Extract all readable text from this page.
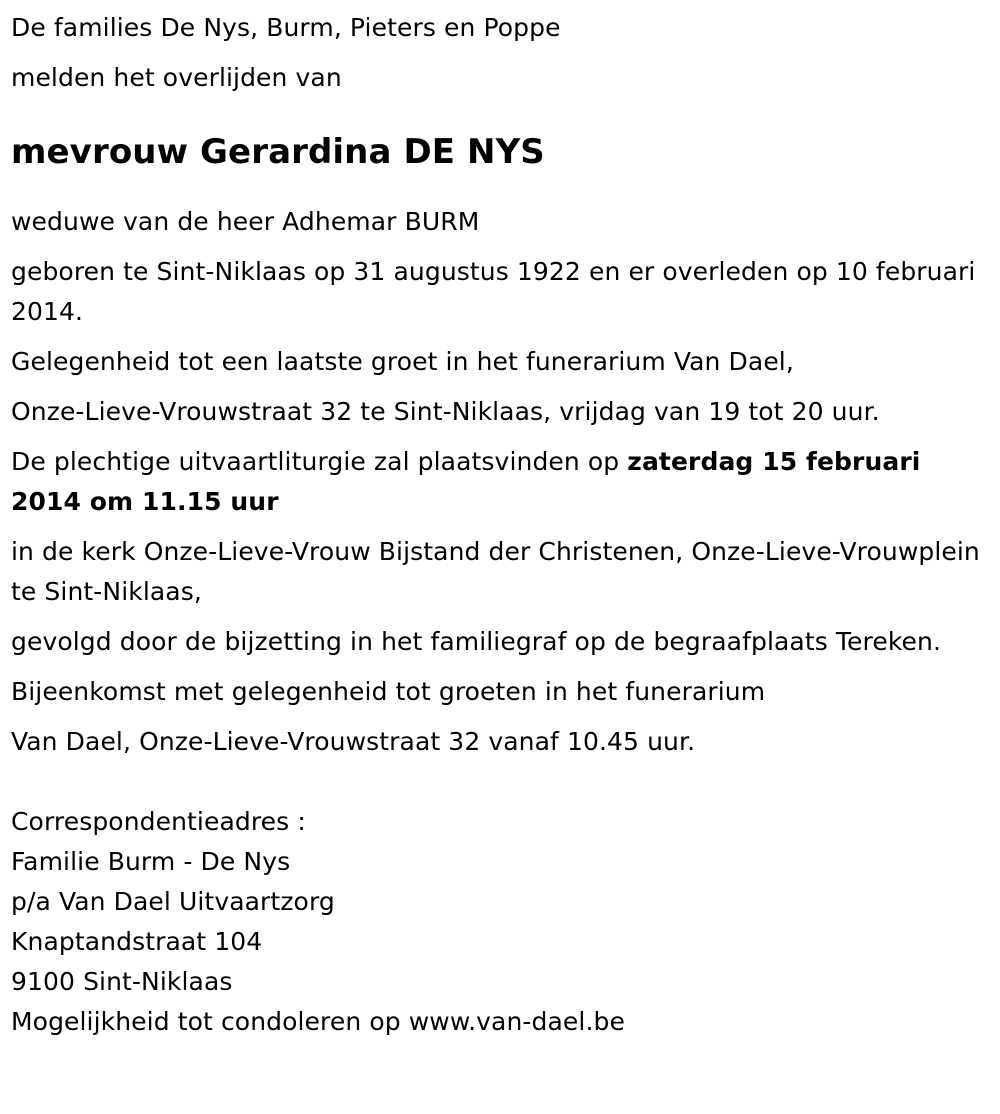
De families De Nys, Burm, Pieters en Poppe

melden het overlijden van

mevrouw Gerardina DE NYS

weduwe van de heer Adhemar BURM

geboren te Sint-Niklaas op 31 augustus 1922 en er overleden op 10 februari 2014.

Gelegenheid tot een laatste groet in het funerarium Van Dael,

Onze-Lieve-Vrouwstraat 32 te Sint-Niklaas, vrijdag van 19 tot 20 uur.

De plechtige uitvaartliturgie zal plaatsvinden op zaterdag 15 februari 2014 om 11.15 uur

in de kerk Onze-Lieve-Vrouw Bijstand der Christenen, Onze-Lieve-Vrouwplein te Sint-Niklaas,

gevolgd door de bijzetting in het familiegraf op de begraafplaats Tereken.

Bijeenkomst met gelegenheid tot groeten in het funerarium

Van Dael, Onze-Lieve-Vrouwstraat 32 vanaf 10.45 uur.

Correspondentieadres :

Familie Burm - De Nys

p/a Van Dael Uitvaartzorg

Knaptandstraat 104

9100 Sint-Niklaas

Mogelijkheid tot condoleren op www.van-dael.be
